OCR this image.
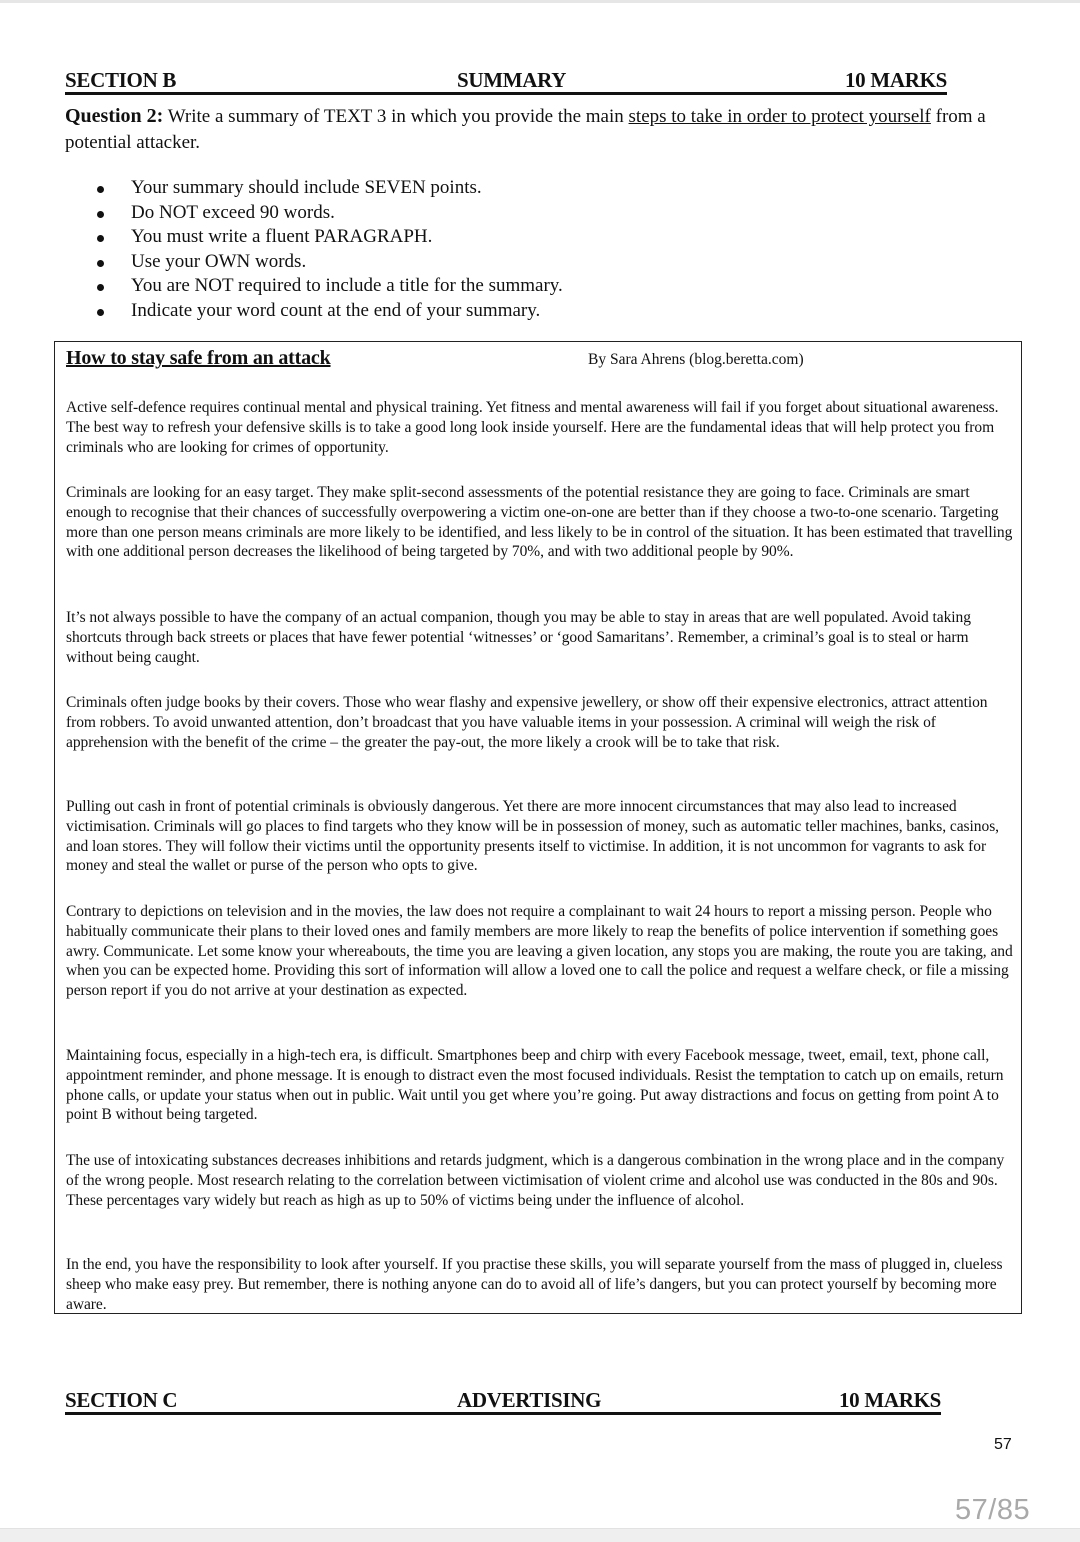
SECTION B	SUMMARY	10 MARKS
Question 2: Write a summary of TEXT 3 in which you provide the main steps to take in order to protect yourself from a potential attacker.
Your summary should include SEVEN points.
Do NOT exceed 90 words.
You must write a fluent PARAGRAPH.
Use your OWN words.
You are NOT required to include a title for the summary.
Indicate your word count at the end of your summary.
How to stay safe from an attack	By Sara Ahrens (blog.beretta.com)

Active self-defence requires continual mental and physical training. Yet fitness and mental awareness will fail if you forget about situational awareness. The best way to refresh your defensive skills is to take a good long look inside yourself. Here are the fundamental ideas that will help protect you from criminals who are looking for crimes of opportunity.

Criminals are looking for an easy target. They make split-second assessments of the potential resistance they are going to face. Criminals are smart enough to recognise that their chances of successfully overpowering a victim one-on-one are better than if they choose a two-to-one scenario. Targeting more than one person means criminals are more likely to be identified, and less likely to be in control of the situation. It has been estimated that travelling with one additional person decreases the likelihood of being targeted by 70%, and with two additional people by 90%.

It’s not always possible to have the company of an actual companion, though you may be able to stay in areas that are well populated. Avoid taking shortcuts through back streets or places that have fewer potential ‘witnesses’ or ‘good Samaritans’. Remember, a criminal’s goal is to steal or harm without being caught.

Criminals often judge books by their covers. Those who wear flashy and expensive jewellery, or show off their expensive electronics, attract attention from robbers. To avoid unwanted attention, don’t broadcast that you have valuable items in your possession. A criminal will weigh the risk of apprehension with the benefit of the crime – the greater the pay-out, the more likely a crook will be to take that risk.

Pulling out cash in front of potential criminals is obviously dangerous. Yet there are more innocent circumstances that may also lead to increased victimisation. Criminals will go places to find targets who they know will be in possession of money, such as automatic teller machines, banks, casinos, and loan stores. They will follow their victims until the opportunity presents itself to victimise. In addition, it is not uncommon for vagrants to ask for money and steal the wallet or purse of the person who opts to give.

Contrary to depictions on television and in the movies, the law does not require a complainant to wait 24 hours to report a missing person. People who habitually communicate their plans to their loved ones and family members are more likely to reap the benefits of police intervention if something goes awry. Communicate. Let some know your whereabouts, the time you are leaving a given location, any stops you are making, the route you are taking, and when you can be expected home. Providing this sort of information will allow a loved one to call the police and request a welfare check, or file a missing person report if you do not arrive at your destination as expected.

Maintaining focus, especially in a high-tech era, is difficult. Smartphones beep and chirp with every Facebook message, tweet, email, text, phone call, appointment reminder, and phone message. It is enough to distract even the most focused individuals. Resist the temptation to catch up on emails, return phone calls, or update your status when out in public. Wait until you get where you’re going. Put away distractions and focus on getting from point A to point B without being targeted.

The use of intoxicating substances decreases inhibitions and retards judgment, which is a dangerous combination in the wrong place and in the company of the wrong people. Most research relating to the correlation between victimisation of violent crime and alcohol use was conducted in the 80s and 90s. These percentages vary widely but reach as high as up to 50% of victims being under the influence of alcohol.

In the end, you have the responsibility to look after yourself. If you practise these skills, you will separate yourself from the mass of plugged in, clueless sheep who make easy prey. But remember, there is nothing anyone can do to avoid all of life’s dangers, but you can protect yourself by becoming more aware.

SECTION C	ADVERTISING	10 MARKS
57
57/85
